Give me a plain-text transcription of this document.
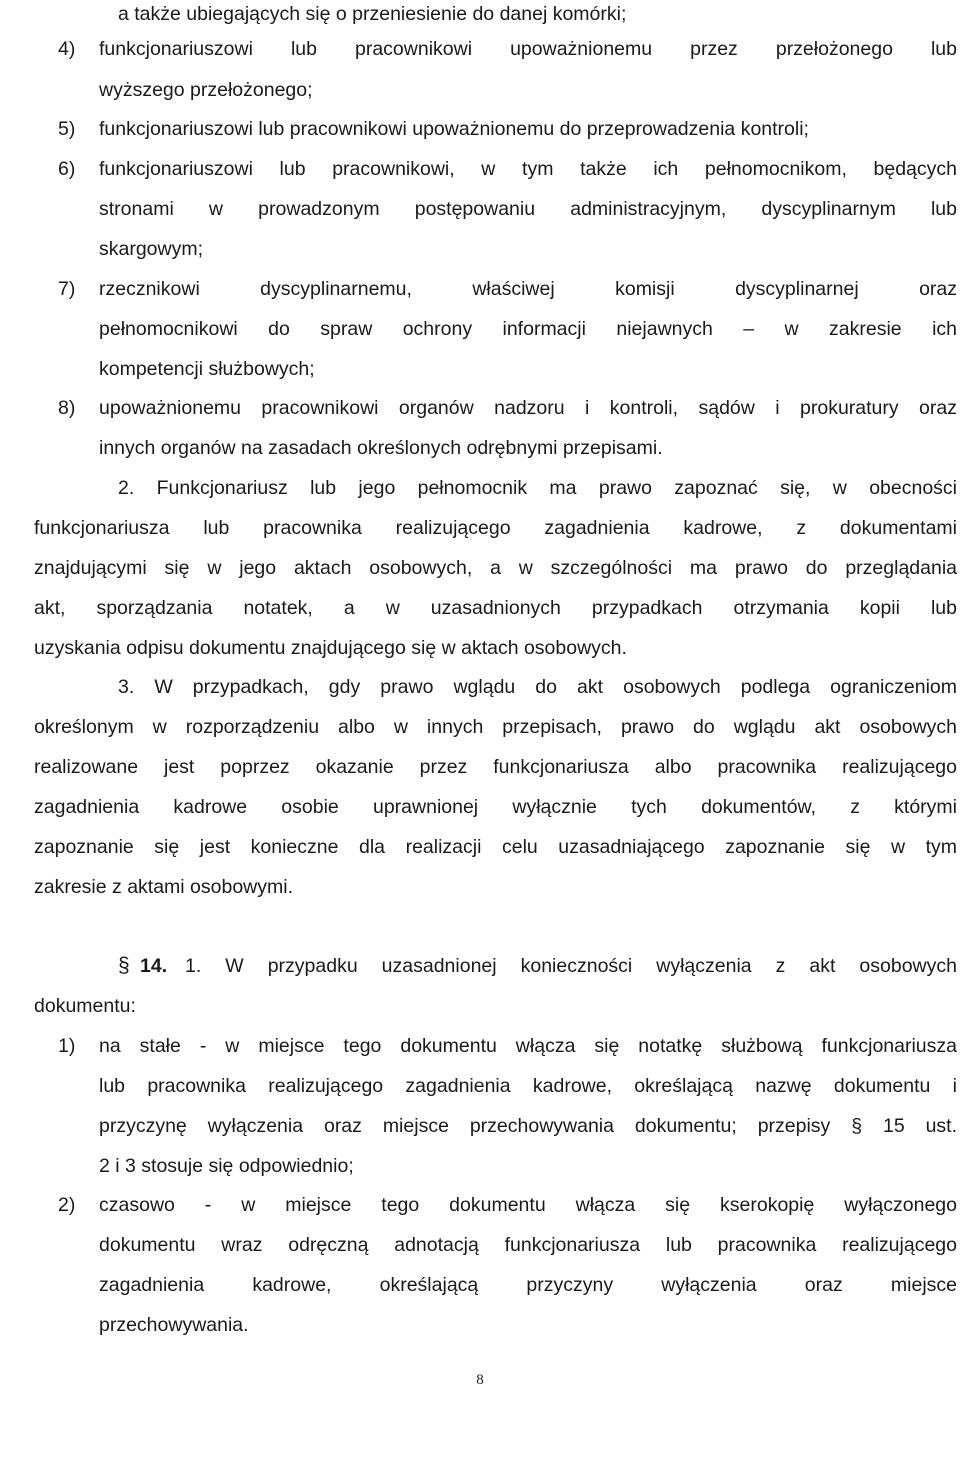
a także ubiegających się o przeniesienie do danej komórki;
4) funkcjonariuszowi lub pracownikowi upoważnionemu przez przełożonego lub
wyższego przełożonego;
5) funkcjonariuszowi lub pracownikowi upoważnionemu do przeprowadzenia kontroli;
6) funkcjonariuszowi lub pracownikowi, w tym także ich pełnomocnikom, będących
stronami w prowadzonym postępowaniu administracyjnym, dyscyplinarnym lub
skargowym;
7) rzecznikowi dyscyplinarnemu, właściwej komisji dyscyplinarnej oraz
pełnomocnikowi do spraw ochrony informacji niejawnych – w zakresie ich
kompetencji służbowych;
8) upoważnionemu pracownikowi organów nadzoru i kontroli, sądów i prokuratury oraz
innych organów na zasadach określonych odrębnymi przepisami.
2. Funkcjonariusz lub jego pełnomocnik ma prawo zapoznać się, w obecności
funkcjonariusza lub pracownika realizującego zagadnienia kadrowe, z dokumentami
znajdującymi się w jego aktach osobowych, a w szczególności ma prawo do przeglądania
akt, sporządzania notatek, a w uzasadnionych przypadkach otrzymania kopii lub
uzyskania odpisu dokumentu znajdującego się w aktach osobowych.
3. W przypadkach, gdy prawo wglądu do akt osobowych podlega ograniczeniom
określonym w rozporządzeniu albo w innych przepisach, prawo do wglądu akt osobowych
realizowane jest poprzez okazanie przez funkcjonariusza albo pracownika realizującego
zagadnienia kadrowe osobie uprawnionej wyłącznie tych dokumentów, z którymi
zapoznanie się jest konieczne dla realizacji celu uzasadniającego zapoznanie się w tym
zakresie z aktami osobowymi.
§ 14. 1. W przypadku uzasadnionej konieczności wyłączenia z akt osobowych
dokumentu:
1) na stałe - w miejsce tego dokumentu włącza się notatkę służbową funkcjonariusza
lub pracownika realizującego zagadnienia kadrowe, określającą nazwę dokumentu i
przyczynę wyłączenia oraz miejsce przechowywania dokumentu; przepisy § 15 ust.
2 i 3 stosuje się odpowiednio;
2) czasowo - w miejsce tego dokumentu włącza się kserokopię wyłączonego
dokumentu wraz odręczną adnotacją funkcjonariusza lub pracownika realizującego
zagadnienia kadrowe, określającą przyczyny wyłączenia oraz miejsce
przechowywania.
8
